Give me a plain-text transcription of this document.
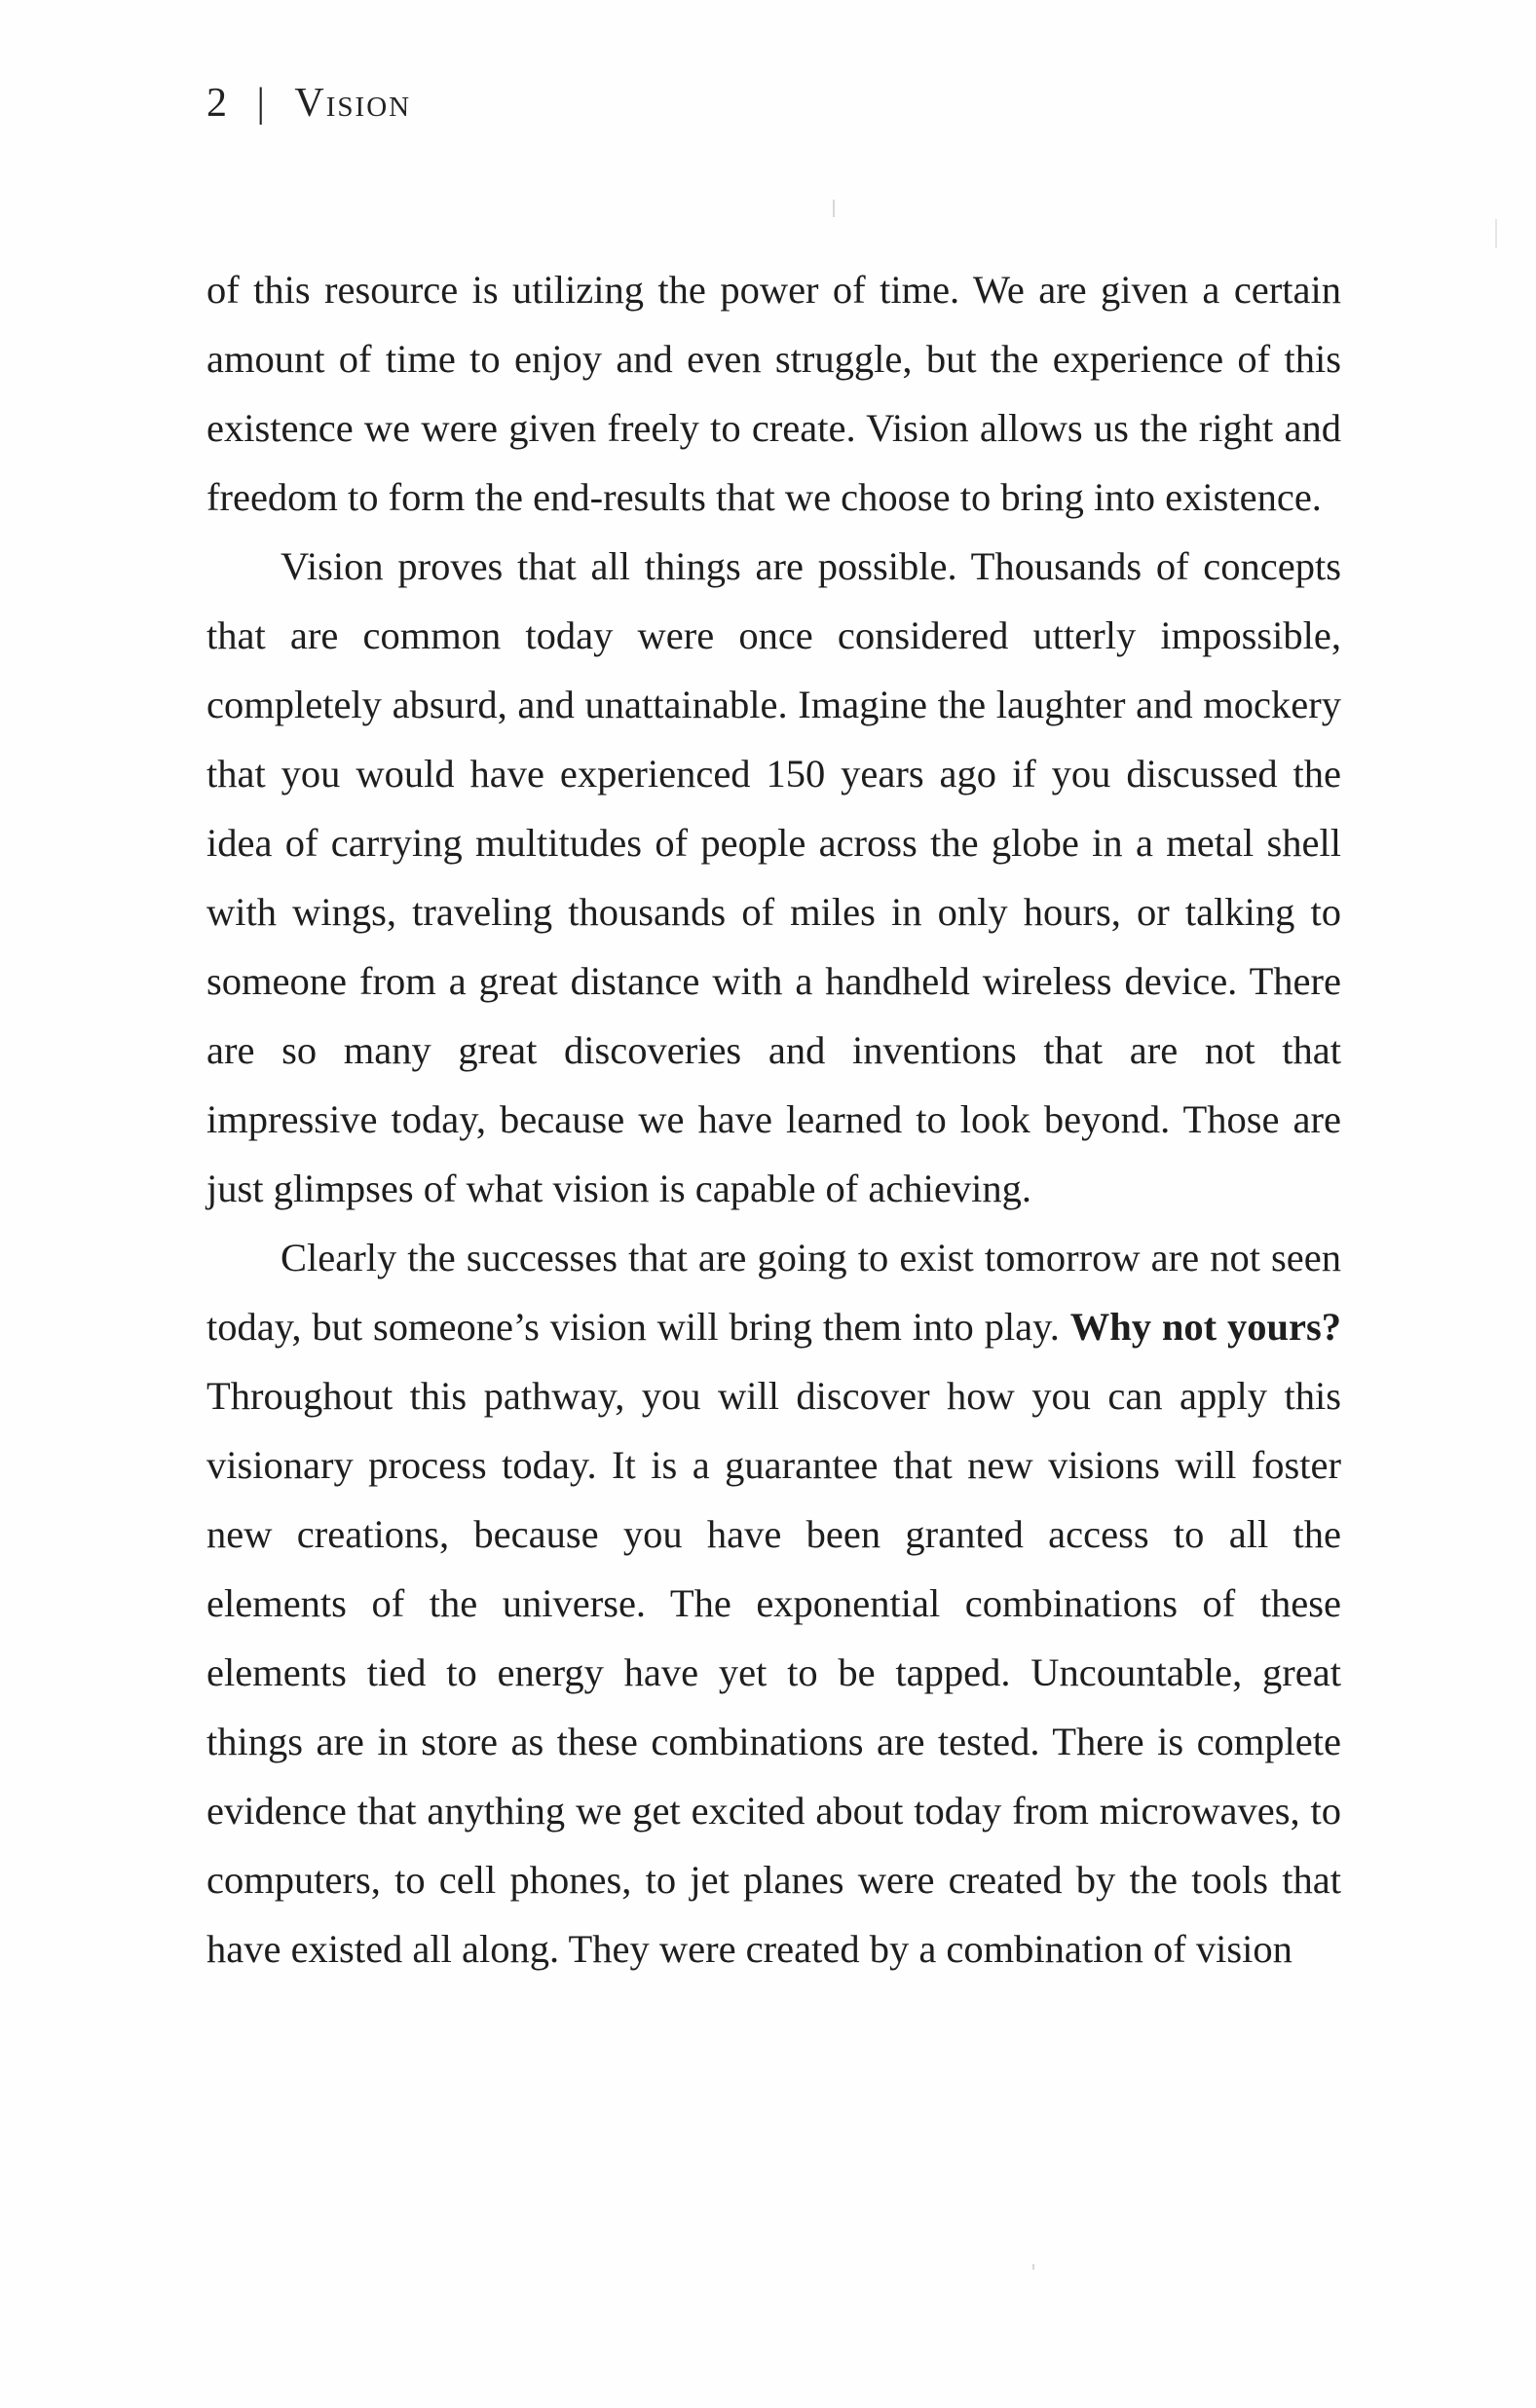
2 | Vision

of this resource is utilizing the power of time. We are given a certain amount of time to enjoy and even struggle, but the experience of this existence we were given freely to create. Vision allows us the right and freedom to form the end-results that we choose to bring into existence.

Vision proves that all things are possible. Thousands of concepts that are common today were once considered utterly impossible, completely absurd, and unattainable. Imagine the laughter and mockery that you would have experienced 150 years ago if you discussed the idea of carrying multitudes of people across the globe in a metal shell with wings, traveling thousands of miles in only hours, or talking to someone from a great distance with a handheld wireless device. There are so many great discoveries and inventions that are not that impressive today, because we have learned to look beyond. Those are just glimpses of what vision is capable of achieving.

Clearly the successes that are going to exist tomorrow are not seen today, but someone’s vision will bring them into play. Why not yours? Throughout this pathway, you will discover how you can apply this visionary process today. It is a guarantee that new visions will foster new creations, because you have been granted access to all the elements of the universe. The exponential combinations of these elements tied to energy have yet to be tapped. Uncountable, great things are in store as these combinations are tested. There is complete evidence that anything we get excited about today from microwaves, to computers, to cell phones, to jet planes were created by the tools that have existed all along. They were created by a combination of vision
